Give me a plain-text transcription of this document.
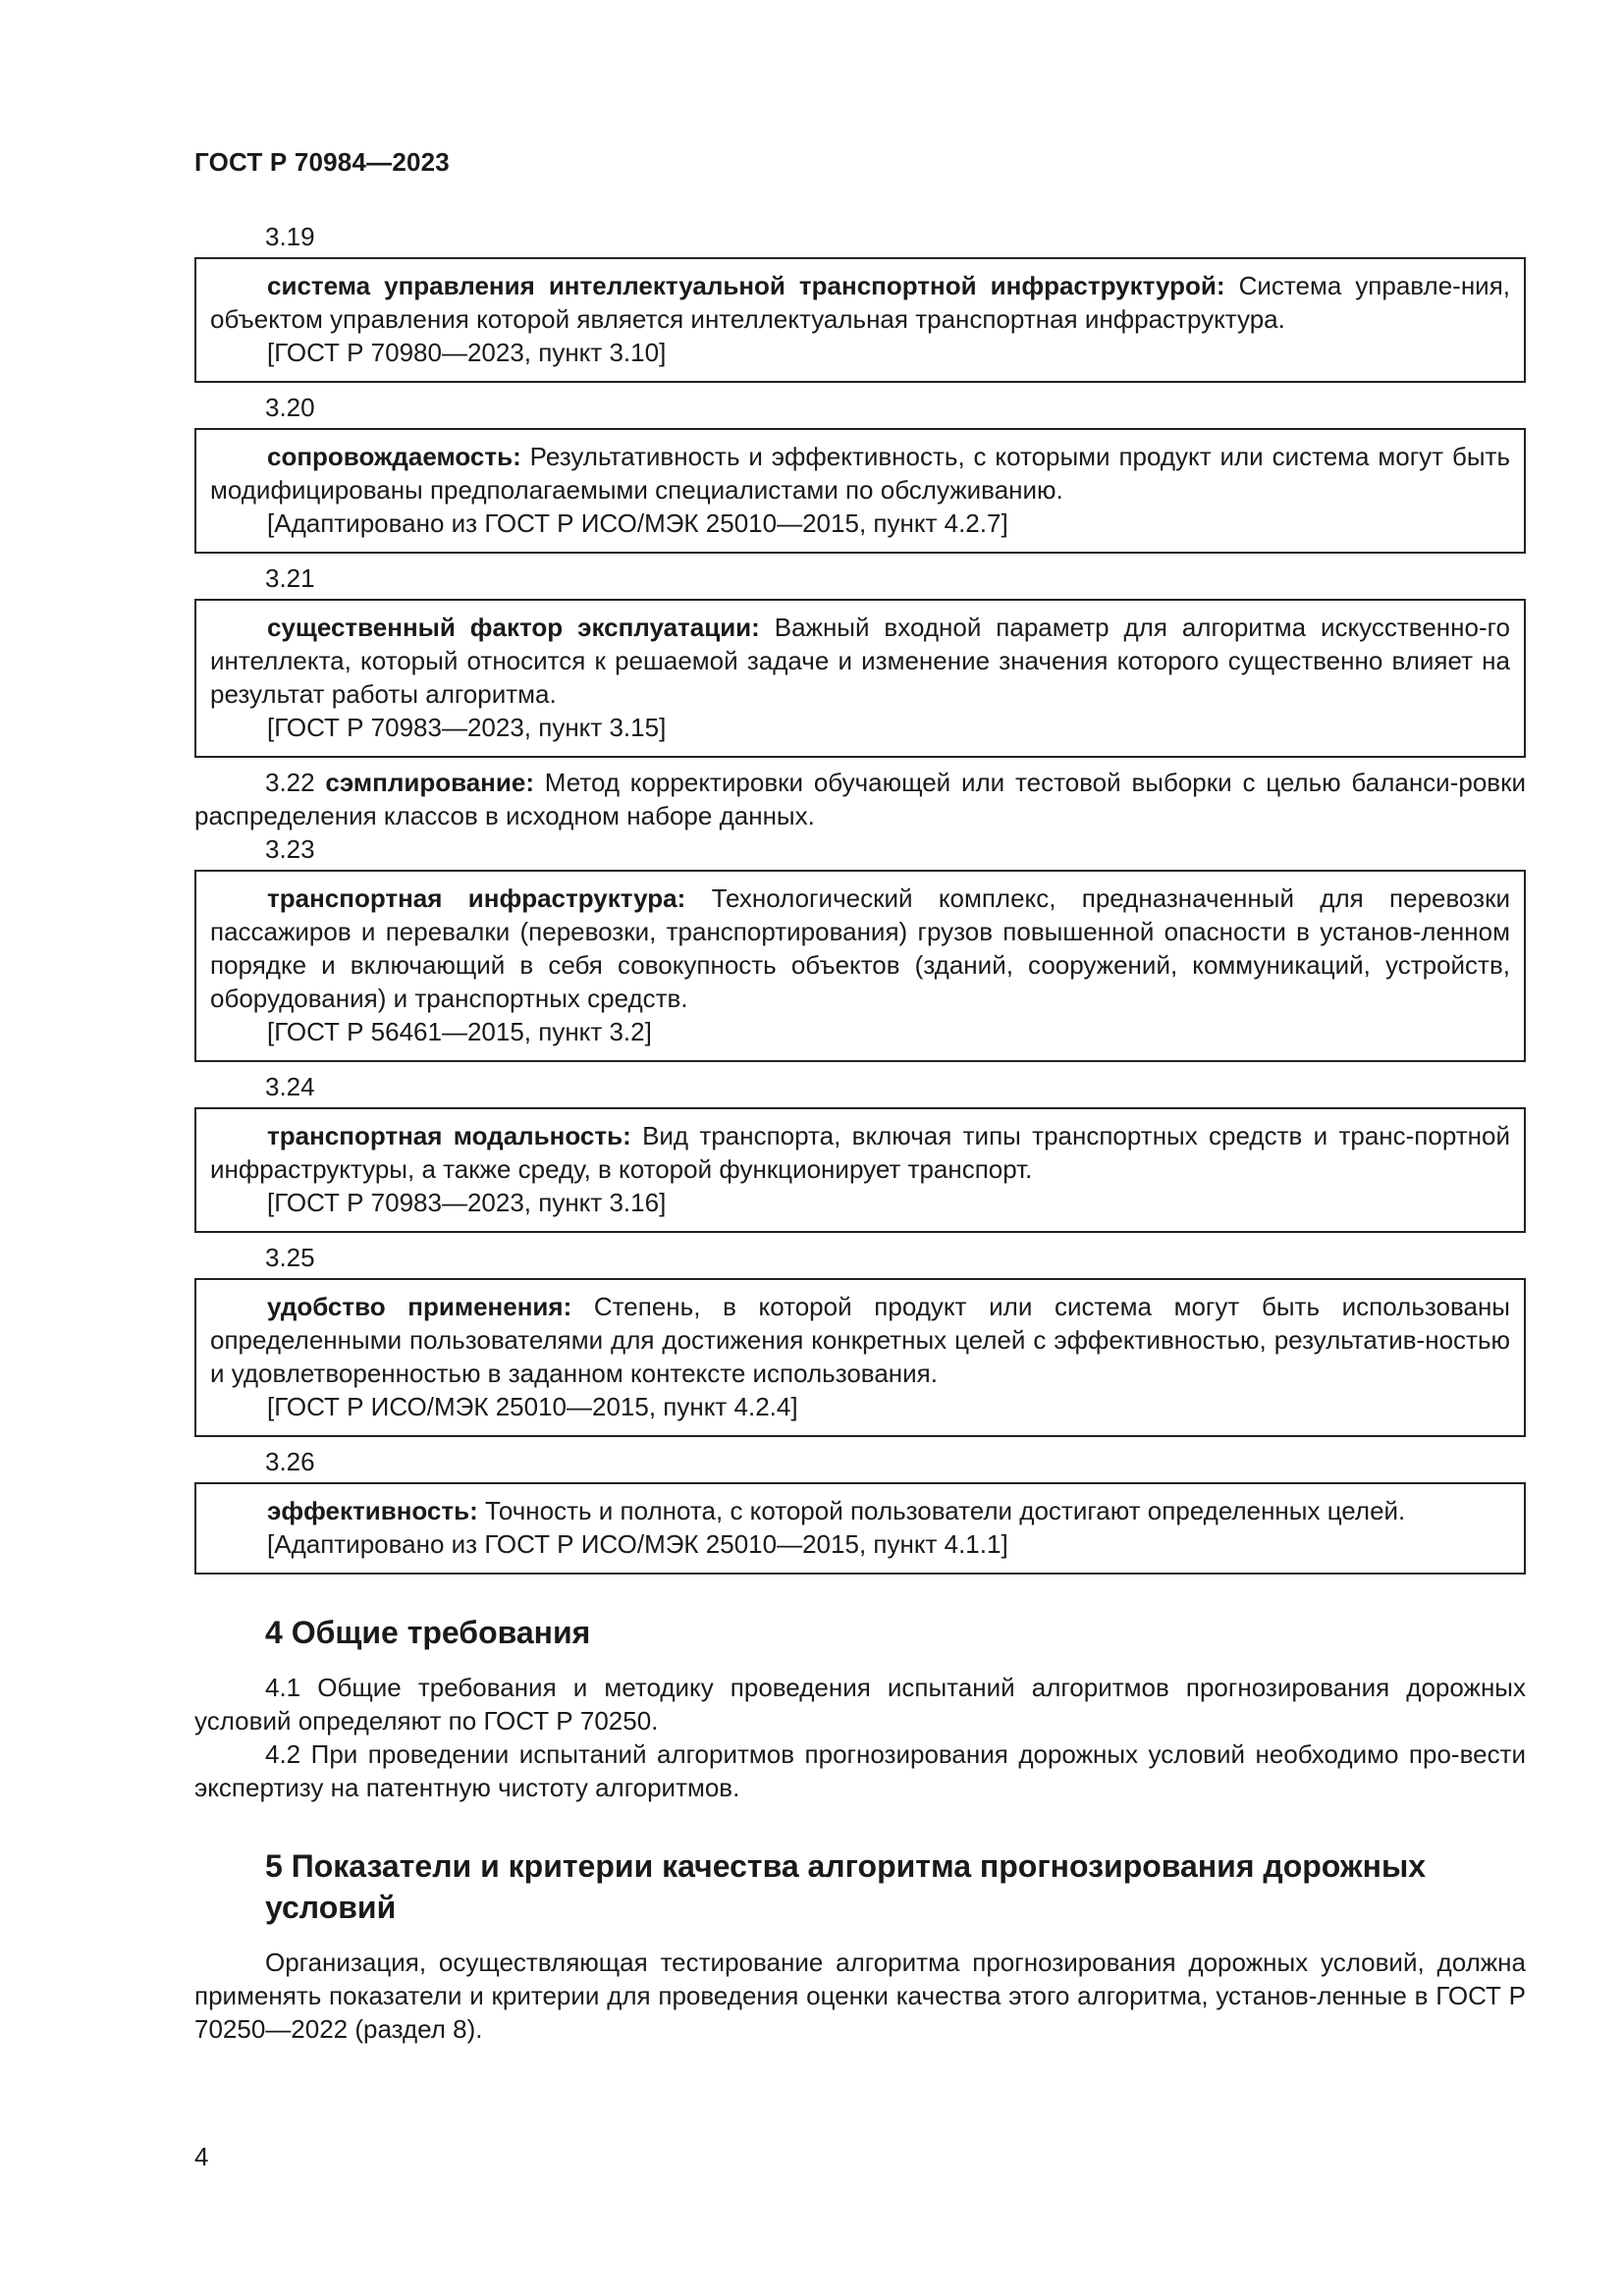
ГОСТ Р 70984—2023

3.19

система управления интеллектуальной транспортной инфраструктурой: Система управле-ния, объектом управления которой является интеллектуальная транспортная инфраструктура.

[ГОСТ Р 70980—2023, пункт 3.10]

3.20

сопровождаемость: Результативность и эффективность, с которыми продукт или система могут быть модифицированы предполагаемыми специалистами по обслуживанию.

[Адаптировано из ГОСТ Р ИСО/МЭК 25010—2015, пункт 4.2.7]

3.21

существенный фактор эксплуатации: Важный входной параметр для алгоритма искусственно-го интеллекта, который относится к решаемой задаче и изменение значения которого существенно влияет на результат работы алгоритма.

[ГОСТ Р 70983—2023, пункт 3.15]

3.22 сэмплирование: Метод корректировки обучающей или тестовой выборки с целью баланси-ровки распределения классов в исходном наборе данных.

3.23

транспортная инфраструктура: Технологический комплекс, предназначенный для перевозки пассажиров и перевалки (перевозки, транспортирования) грузов повышенной опасности в установ-ленном порядке и включающий в себя совокупность объектов (зданий, сооружений, коммуникаций, устройств, оборудования) и транспортных средств.

[ГОСТ Р 56461—2015, пункт 3.2]

3.24

транспортная модальность: Вид транспорта, включая типы транспортных средств и транс-портной инфраструктуры, а также среду, в которой функционирует транспорт.

[ГОСТ Р 70983—2023, пункт 3.16]

3.25

удобство применения: Степень, в которой продукт или система могут быть использованы определенными пользователями для достижения конкретных целей с эффективностью, результатив-ностью и удовлетворенностью в заданном контексте использования.

[ГОСТ Р ИСО/МЭК 25010—2015, пункт 4.2.4]

3.26

эффективность: Точность и полнота, с которой пользователи достигают определенных целей.

[Адаптировано из ГОСТ Р ИСО/МЭК 25010—2015, пункт 4.1.1]

4 Общие требования

4.1 Общие требования и методику проведения испытаний алгоритмов прогнозирования дорожных условий определяют по ГОСТ Р 70250.

4.2 При проведении испытаний алгоритмов прогнозирования дорожных условий необходимо про-вести экспертизу на патентную чистоту алгоритмов.

5 Показатели и критерии качества алгоритма прогнозирования дорожных условий

Организация, осуществляющая тестирование алгоритма прогнозирования дорожных условий, должна применять показатели и критерии для проведения оценки качества этого алгоритма, установ-ленные в ГОСТ Р 70250—2022 (раздел 8).

4
